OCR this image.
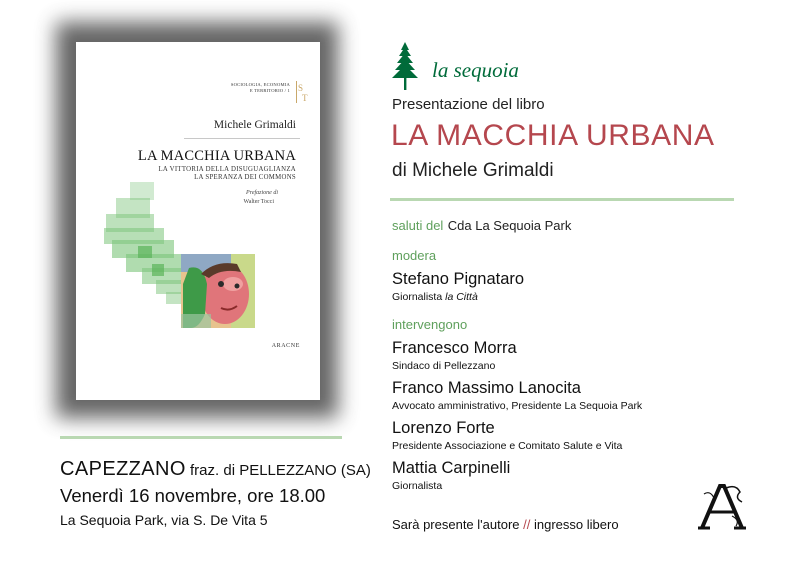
SOCIOLOGIA, ECONOMIA
E TERRITORIO / 1 S
T
Michele Grimaldi
LA MACCHIA URBANA
LA VITTORIA DELLA DISUGUAGLIANZA
LA SPERANZA DEI COMMONS
Prefazione di
Walter Tocci
ARACNE
CAPEZZANO fraz. di PELLEZZANO (SA)
Venerdì 16 novembre, ore 18.00
La Sequoia Park, via S. De Vita 5
la sequoia
Presentazione del libro
LA MACCHIA URBANA
di Michele Grimaldi
saluti del Cda La Sequoia Park
modera
Stefano Pignataro
Giornalista la Città
intervengono
Francesco Morra
Sindaco di Pellezzano
Franco Massimo Lanocita
Avvocato amministrativo, Presidente La Sequoia Park
Lorenzo Forte
Presidente Associazione e Comitato Salute e Vita
Mattia Carpinelli
Giornalista
Sarà presente l'autore // ingresso libero
